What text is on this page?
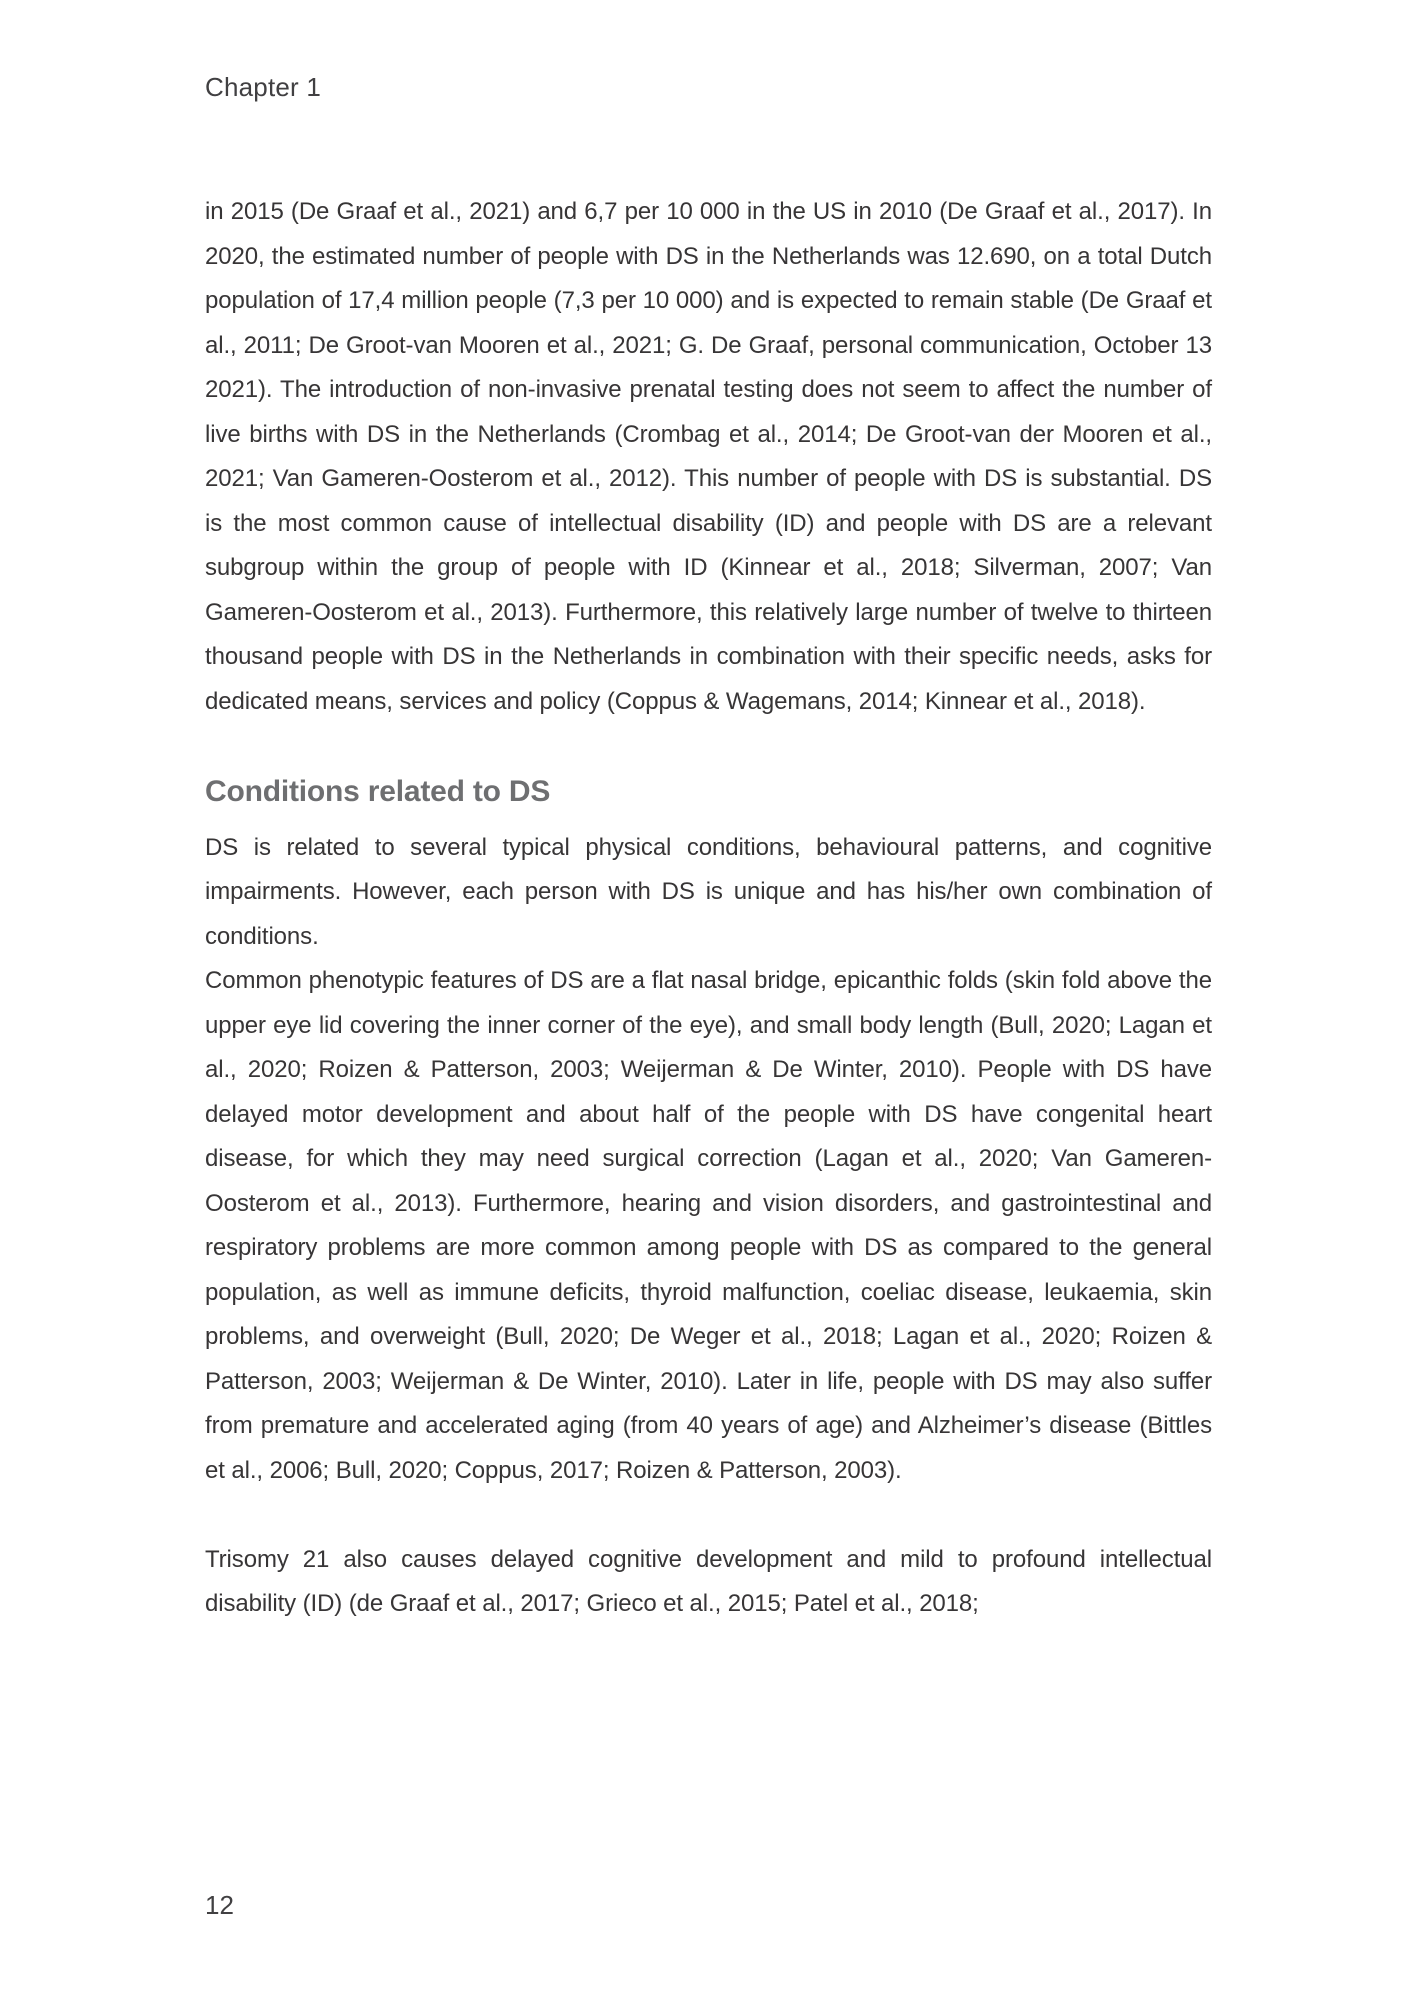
Chapter 1

in 2015 (De Graaf et al., 2021) and 6,7 per 10 000 in the US in 2010 (De Graaf et al., 2017). In 2020, the estimated number of people with DS in the Netherlands was 12.690, on a total Dutch population of 17,4 million people (7,3 per 10 000) and is expected to remain stable (De Graaf et al., 2011; De Groot-van Mooren et al., 2021; G. De Graaf, personal communication, October 13 2021). The introduction of non-invasive prenatal testing does not seem to affect the number of live births with DS in the Netherlands (Crombag et al., 2014; De Groot-van der Mooren et al., 2021; Van Gameren-Oosterom et al., 2012). This number of people with DS is substantial. DS is the most common cause of intellectual disability (ID) and people with DS are a relevant subgroup within the group of people with ID (Kinnear et al., 2018; Silverman, 2007; Van Gameren-Oosterom et al., 2013). Furthermore, this relatively large number of twelve to thirteen thousand people with DS in the Netherlands in combination with their specific needs, asks for dedicated means, services and policy (Coppus & Wagemans, 2014; Kinnear et al., 2018).

Conditions related to DS

DS is related to several typical physical conditions, behavioural patterns, and cognitive impairments. However, each person with DS is unique and has his/her own combination of conditions.

Common phenotypic features of DS are a flat nasal bridge, epicanthic folds (skin fold above the upper eye lid covering the inner corner of the eye), and small body length (Bull, 2020; Lagan et al., 2020; Roizen & Patterson, 2003; Weijerman & De Winter, 2010). People with DS have delayed motor development and about half of the people with DS have congenital heart disease, for which they may need surgical correction (Lagan et al., 2020; Van Gameren-Oosterom et al., 2013). Furthermore, hearing and vision disorders, and gastrointestinal and respiratory problems are more common among people with DS as compared to the general population, as well as immune deficits, thyroid malfunction, coeliac disease, leukaemia, skin problems, and overweight (Bull, 2020; De Weger et al., 2018; Lagan et al., 2020; Roizen & Patterson, 2003; Weijerman & De Winter, 2010). Later in life, people with DS may also suffer from premature and accelerated aging (from 40 years of age) and Alzheimer’s disease (Bittles et al., 2006; Bull, 2020; Coppus, 2017; Roizen & Patterson, 2003).

Trisomy 21 also causes delayed cognitive development and mild to profound intellectual disability (ID) (de Graaf et al., 2017; Grieco et al., 2015; Patel et al., 2018;

12
